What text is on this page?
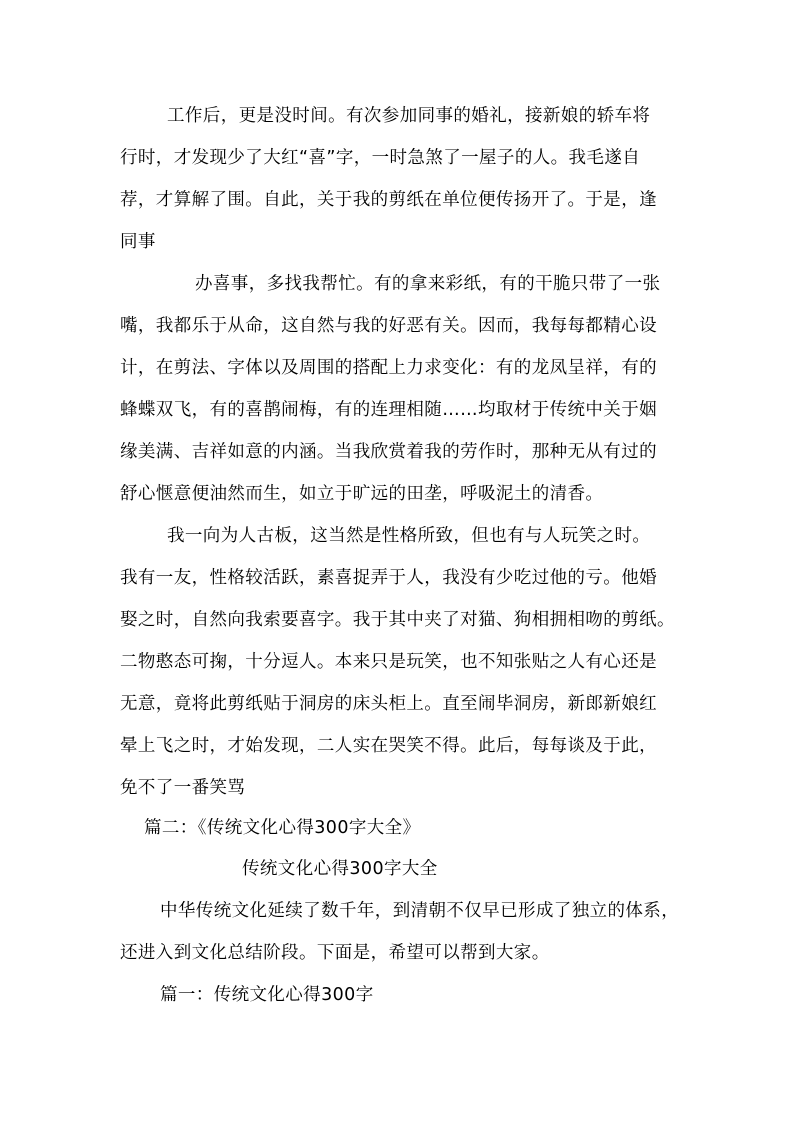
工作后，更是没时间。有次参加同事的婚礼，接新娘的轿车将
行时，才发现少了大红“喜”字，一时急煞了一屋子的人。我毛遂自
荐，才算解了围。自此，关于我的剪纸在单位便传扬开了。于是，逢
同事
办喜事，多找我帮忙。有的拿来彩纸，有的干脆只带了一张
嘴，我都乐于从命，这自然与我的好恶有关。因而，我每每都精心设
计，在剪法、字体以及周围的搭配上力求变化：有的龙凤呈祥，有的
蜂蝶双飞，有的喜鹊闹梅，有的连理相随……均取材于传统中关于姻
缘美满、吉祥如意的内涵。当我欣赏着我的劳作时，那种无从有过的
舒心惬意便油然而生，如立于旷远的田垄，呼吸泥土的清香。
我一向为人古板，这当然是性格所致，但也有与人玩笑之时。
我有一友，性格较活跃，素喜捉弄于人，我没有少吃过他的亏。他婚
娶之时，自然向我索要喜字。我于其中夹了对猫、狗相拥相吻的剪纸。
二物憨态可掬，十分逗人。本来只是玩笑，也不知张贴之人有心还是
无意，竟将此剪纸贴于洞房的床头柜上。直至闹毕洞房，新郎新娘红
晕上飞之时，才始发现，二人实在哭笑不得。此后，每每谈及于此，
免不了一番笑骂
篇二：《传统文化心得300字大全》
传统文化心得300字大全
中华传统文化延续了数千年，到清朝不仅早已形成了独立的体系，
还进入到文化总结阶段。下面是，希望可以帮到大家。
篇一：传统文化心得300字
